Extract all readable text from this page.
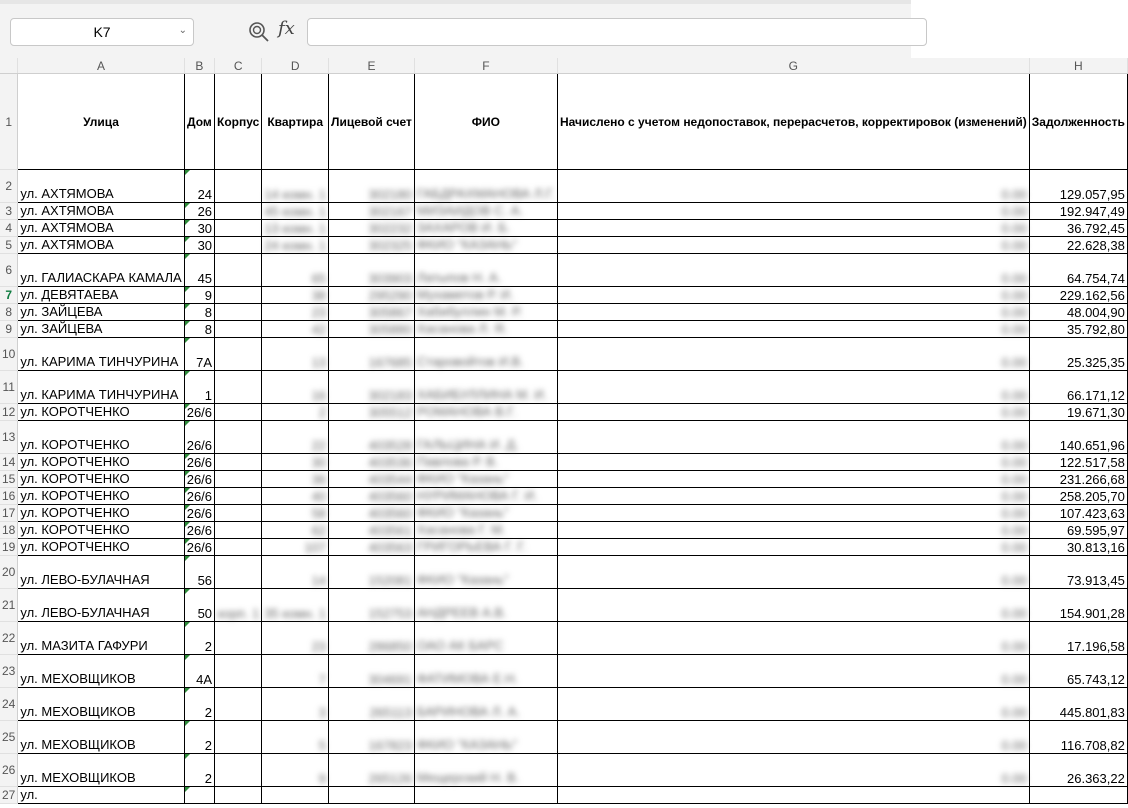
K7	⌄	fx
	A	B	C	D	E	F	G	H
1	Улица	Дом	Корпус	Квартира	Лицевой счет	ФИО	Начислено с учетом недопоставок, перерасчетов, корректировок (изменений)	Задолженность
2	ул. АХТЯМОВА	24		14 комн. 1	302180	ГАБДРАХМАНОВА Л.Г.	0.00	129.057,95
3	ул. АХТЯМОВА	26		45 комн. 1	302167	МИЗАИДОВ С. А.	0.00	192.947,49
4	ул. АХТЯМОВА	30		13 комн. 1	302232	ЗАХАРОВ И. Б.	0.00	36.792,45
5	ул. АХТЯМОВА	30		24 комн. 1	302325	ФКИО "КАЗАНЬ"	0.00	22.628,38
6	ул. ГАЛИАСКАРА КАМАЛА	45		65	303903	Латыпов Н. А.	0.00	64.754,74
7	ул. ДЕВЯТАЕВА	9		38	295290	Мухаметов Р. И.	0.00	229.162,56
8	ул. ЗАЙЦЕВА	8		23	305867	Хабибуллин М. Р.	0.00	48.004,90
9	ул. ЗАЙЦЕВА	8		42	305880	Хасанова Л. Я.	0.00	35.792,80
10	ул. КАРИМА ТИНЧУРИНА	7А		13	167685	Старовойтов И.В.	0.00	25.325,35
11	ул. КАРИМА ТИНЧУРИНА	1		16	302183	ХАБИБУЛЛИНА М. И.	0.00	66.171,12
12	ул. КОРОТЧЕНКО	26/6		2	305512	РОМАНОВА В.Г.	0.00	19.671,30
13	ул. КОРОТЧЕНКО	26/6		22	403528	ГАЛЬЦИНА И. Д.	0.00	140.651,96
14	ул. КОРОТЧЕНКО	26/6		30	403536	Павлова Р. В.	0.00	122.517,58
15	ул. КОРОТЧЕНКО	26/6		36	403544	ФКИО "Казань"	0.00	231.266,68
16	ул. КОРОТЧЕНКО	26/6		40	403560	НУРИМАНОВА Г. И.	0.00	258.205,70
17	ул. КОРОТЧЕНКО	26/6		58	403560	ФКИО "Казань"	0.00	107.423,63
18	ул. КОРОТЧЕНКО	26/6		62	403561	Хасанова Г. М.	0.00	69.595,97
19	ул. КОРОТЧЕНКО	26/6		107	403563	ГРИГОРЬЕВА Г. Г.	0.00	30.813,16
20	ул. ЛЕВО-БУЛАЧНАЯ	56		14	152081	ФКИО "Казань"	0.00	73.913,45
21	ул. ЛЕВО-БУЛАЧНАЯ	50	корп. 1	35 комн. 1	152753	АНДРЕЕВ А.В.	0.00	154.901,28
22	ул. МАЗИТА ГАФУРИ	2		23	286850	ОАО АК БАРС	0.00	17.196,58
23	ул. МЕХОВЩИКОВ	4А		7	304691	ФАТИМОВА Е.Н.	0.00	65.743,12
24	ул. МЕХОВЩИКОВ	2		3	265113	БАРИНОВА Л. А.	0.00	445.801,83
25	ул. МЕХОВЩИКОВ	2		5	167823	ФКИО "КАЗАНЬ"	0.00	116.708,82
26	ул. МЕХОВЩИКОВ	2		9	265126	Мещерский Н. В.	0.00	26.363,22
27	ул.							
